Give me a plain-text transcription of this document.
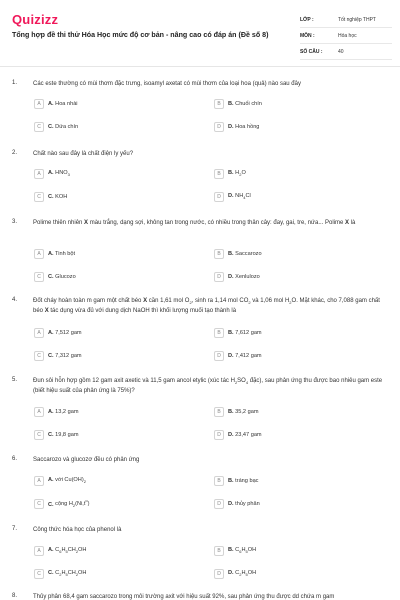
Quizizz
Tổng hợp đề thi thử Hóa Học mức độ cơ bản - nâng cao có đáp án (Đề số 8)
LỚP :	Tốt nghiệp THPT
MÔN :	Hóa học
SỐ CÂU :	40
1.	Các este thường có mùi thơm đặc trưng, isoamyl axetat có mùi thơm của loại hoa (quả) nào sau đây
2.	Chất nào sau đây là chất điện ly yếu?
3.	Polime thiên nhiên X màu trắng, dạng sợi, không tan trong nước, có nhiều trong thân cây: đay, gai, tre, nứa... Polime X là
4.	Đốt cháy hoàn toàn m gam một chất béo X cần 1,61 mol $O_2$, sinh ra 1,14 mol $CO_2$ và 1,06 mol $H_2O$. Mặt khác, cho 7,088 gam chất béo X tác dụng vừa đủ với dung dịch NaOH thì khối lượng muối tạo thành là
5.	Đun sôi hỗn hợp gồm 12 gam axit axetic và 11,5 gam ancol etylic (xúc tác $H_2SO_4$ đặc), sau phản ứng thu được bao nhiêu gam este (biết hiệu suất của phản ứng là 75%)?
6.	Saccarozo và glucozơ đều có phản ứng
7.	Công thức hóa học của phenol là
8.	Thủy phân 68,4 gam saccarozo trong môi trường axit với hiệu suất 92%, sau phản ứng thu được dd chứa m gam
A	A. Hoa nhài	B	B. Chuối chín
C	C. Dứa chín	D	D. Hoa hồng
A	A. $HNO_3$	B	B. $H_2O$
C	C. KOH	D	D. $NH_4Cl$
A	A. Tinh bột	B	B. Saccarozo
C	C. Glucozo	D	D. Xenlulozo
A	A. 7,512 gam	B	B. 7,612 gam
C	C. 7,312 gam	D	D. 7,412 gam
A	A. 13,2 gam	B	B. 35,2 gam
C	C. 19,8 gam	D	D. 23,47 gam
A	A. với $Cu(OH)_2$	B	B. tráng bạc
C	C. cộng $H_2(Ni,t^o)$	D	D. thủy phân
A	A. $C_6H_5CH_2OH$	B	B. $C_6H_5OH$
C	C. $C_2H_5CH_2OH$	D	D. $C_2H_5OH$
